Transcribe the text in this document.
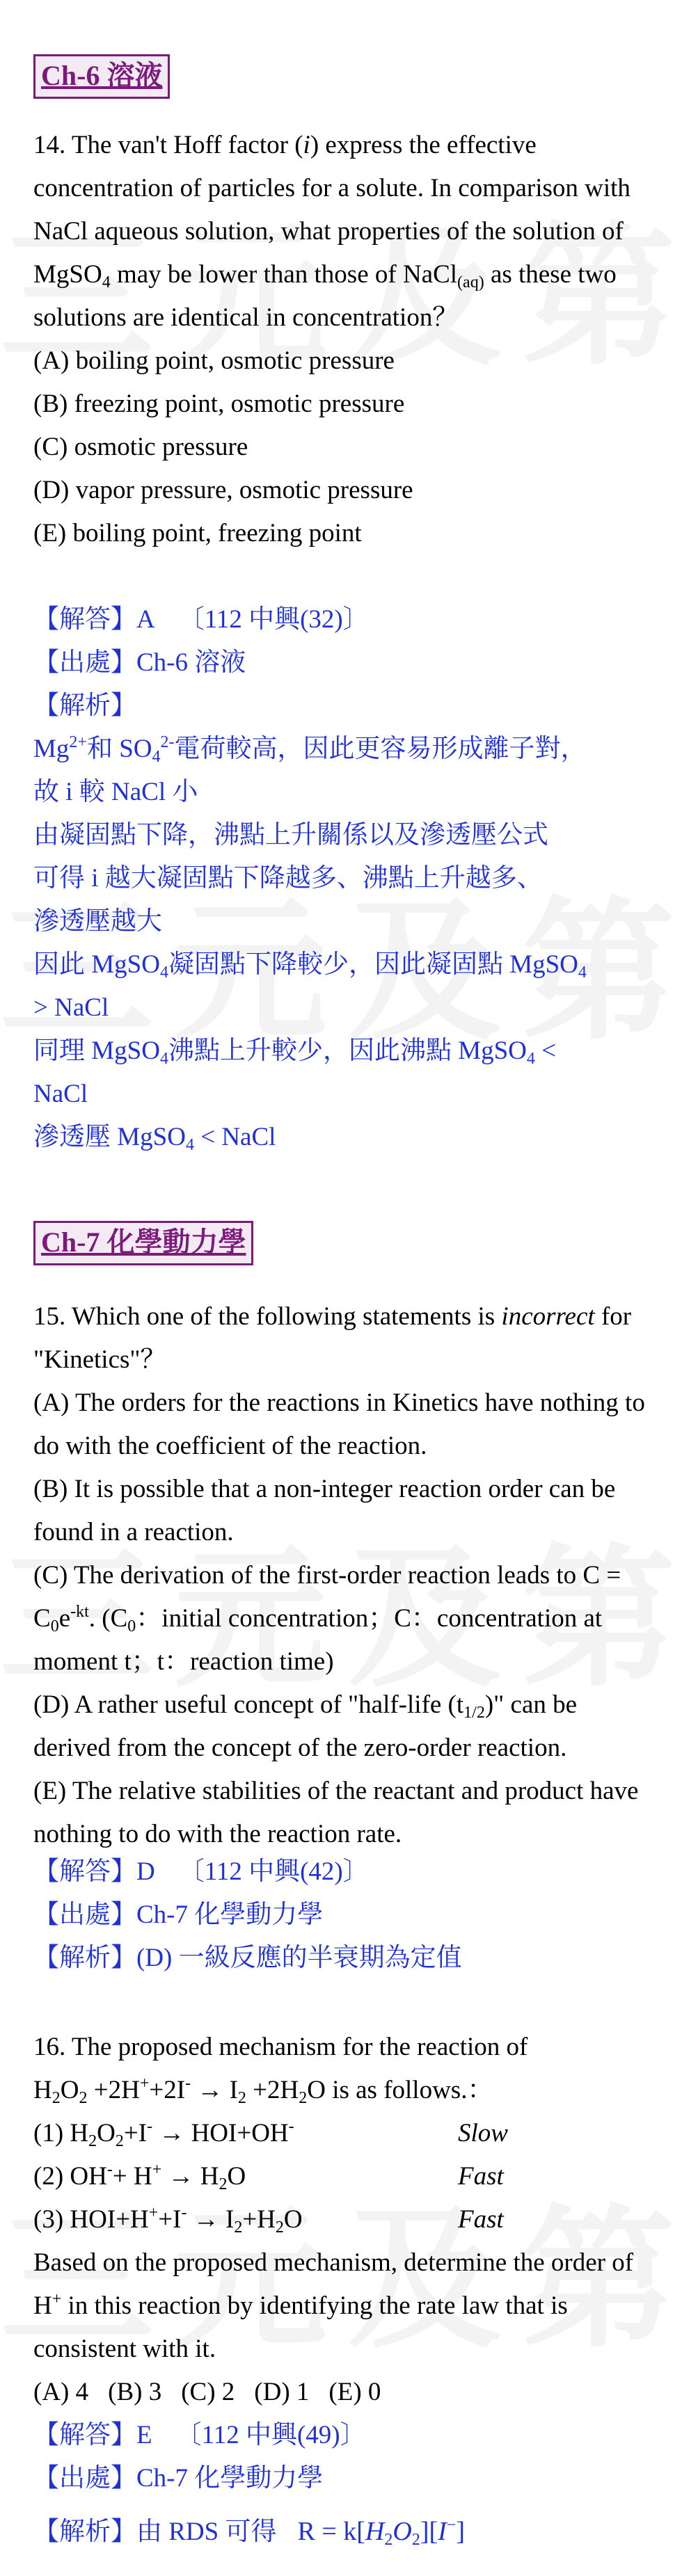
Ch-6 溶液

14. The van't Hoff factor (i) express the effective concentration of particles for a solute. In comparison with NaCl aqueous solution, what properties of the solution of MgSO$_4$ may be lower than those of NaCl$_{(aq)}$ as these two solutions are identical in concentration？

(A) boiling point, osmotic pressure

(B) freezing point, osmotic pressure

(C) osmotic pressure

(D) vapor pressure, osmotic pressure

(E) boiling point, freezing point

【解答】A 〔112 中興(32)〕

【出處】Ch-6 溶液

【解析】

$Mg^{2+}$和 $SO_4^{2-}$電荷較高，因此更容易形成離子對，

故 i 較 NaCl 小

由凝固點下降，沸點上升關係以及滲透壓公式

可得 i 越大凝固點下降越多、沸點上升越多、

滲透壓越大

因此 MgSO$_4$凝固點下降較少，因此凝固點 MgSO$_4$

> NaCl

同理 MgSO$_4$沸點上升較少，因此沸點 MgSO$_4$ <

NaCl

滲透壓 MgSO$_4$ < NaCl

Ch-7 化學動力學

15. Which one of the following statements is incorrect for "Kinetics"？

(A) The orders for the reactions in Kinetics have nothing to do with the coefficient of the reaction.

(B) It is possible that a non-integer reaction order can be found in a reaction.

(C) The derivation of the first-order reaction leads to $C = C_0e^{-kt}$. ($C_0$：initial concentration；C：concentration at moment t；t：reaction time)

(D) A rather useful concept of "half-life $(t_{1/2})$" can be derived from the concept of the zero-order reaction.

(E) The relative stabilities of the reactant and product have nothing to do with the reaction rate.

【解答】D 〔112 中興(42)〕

【出處】Ch-7 化學動力學

【解析】(D) 一級反應的半衰期為定值

16. The proposed mechanism for the reaction of

$H_2O_2 +2H^++2I^- \to I_2 +2H_2O$ is as follows.：

(1) $H_2O_2+I^- \to HOI+OH^-$	Slow

(2) $OH^-+ H^+ \to H_2O$	Fast

(3) $HOI+H^++I^- \to I_2+H_2O$	Fast

Based on the proposed mechanism, determine the order of H+ in this reaction by identifying the rate law that is consistent with it.

(A) 4 (B) 3 (C) 2 (D) 1 (E) 0

【解答】E 〔112 中興(49)〕

【出處】Ch-7 化學動力學

【解析】由 RDS 可得 $R = k[H_2O_2][I^-]$
